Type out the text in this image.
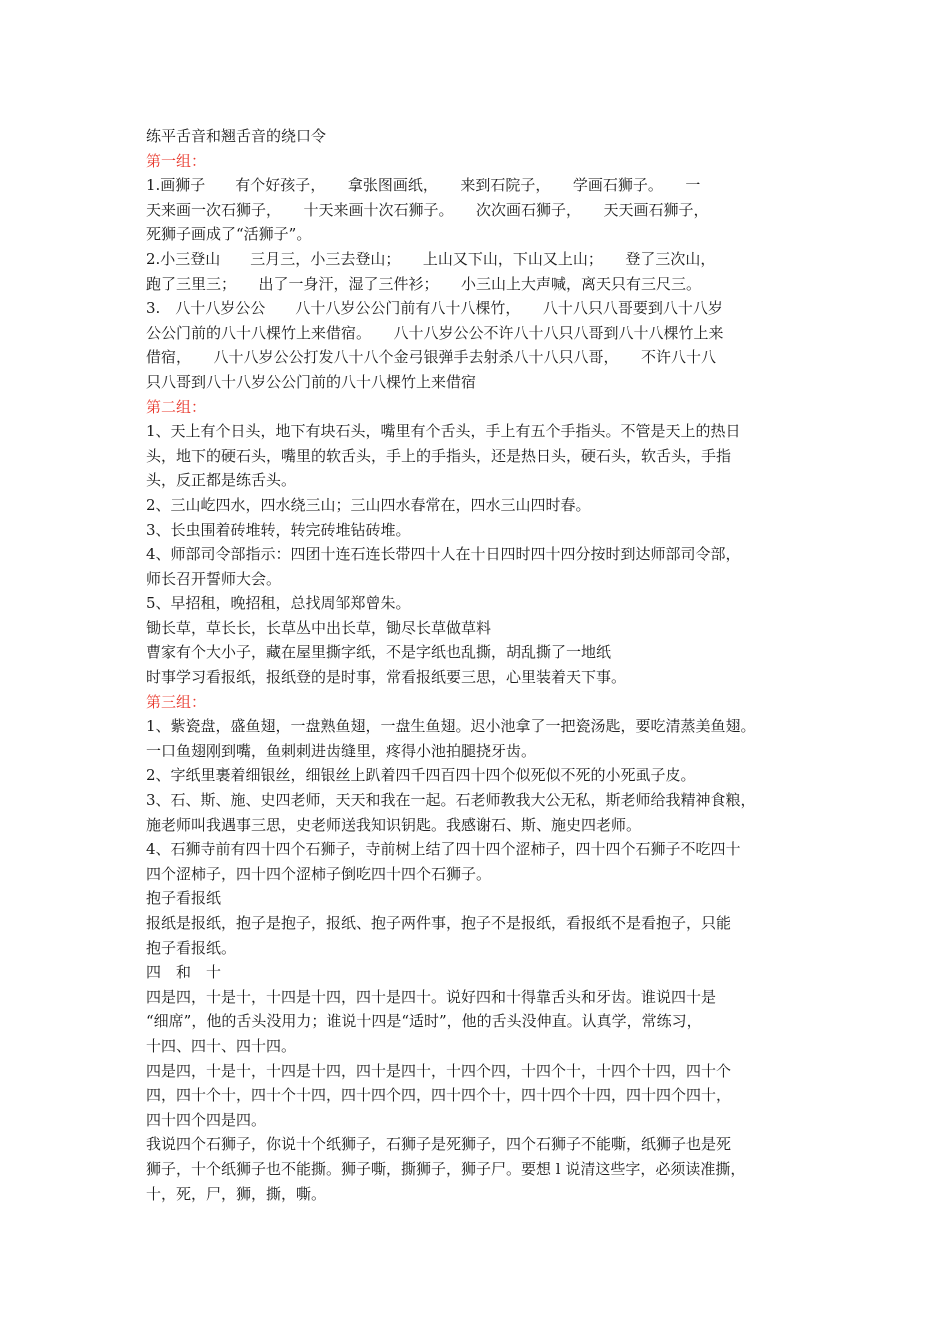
练平舌音和翘舌音的绕口令

第一组：

1.画狮子　　有个好孩子，　　拿张图画纸，　　来到石院子，　　学画石狮子。　　一

天来画一次石狮子，　　十天来画十次石狮子。　　次次画石狮子，　　天天画石狮子，

死狮子画成了“活狮子”。

2.小三登山　　三月三，小三去登山；　　上山又下山，下山又上山；　　登了三次山，

跑了三里三；　　出了一身汗，湿了三件衫；　　小三山上大声喊，离天只有三尺三。

3.　八十八岁公公　　八十八岁公公门前有八十八棵竹，　　八十八只八哥要到八十八岁

公公门前的八十八棵竹上来借宿。　　八十八岁公公不许八十八只八哥到八十八棵竹上来

借宿，　　八十八岁公公打发八十八个金弓银弹手去射杀八十八只八哥，　　不许八十八

只八哥到八十八岁公公门前的八十八棵竹上来借宿

第二组：

1、天上有个日头，地下有块石头，嘴里有个舌头，手上有五个手指头。不管是天上的热日

头，地下的硬石头，嘴里的软舌头，手上的手指头，还是热日头，硬石头，软舌头，手指

头，反正都是练舌头。

2、三山屹四水，四水绕三山；三山四水春常在，四水三山四时春。

3、长虫围着砖堆转，转完砖堆钻砖堆。

4、师部司令部指示：四团十连石连长带四十人在十日四时四十四分按时到达师部司令部，

师长召开誓师大会。

5、早招租，晚招租，总找周邹郑曾朱。

锄长草，草长长，长草丛中出长草，锄尽长草做草料

曹家有个大小子，藏在屋里撕字纸，不是字纸也乱撕，胡乱撕了一地纸

时事学习看报纸，报纸登的是时事，常看报纸要三思，心里装着天下事。

第三组：

1、紫瓷盘，盛鱼翅，一盘熟鱼翅，一盘生鱼翅。迟小池拿了一把瓷汤匙，要吃清蒸美鱼翅。

一口鱼翅刚到嘴，鱼刺刺进齿缝里，疼得小池拍腿挠牙齿。

2、字纸里裹着细银丝，细银丝上趴着四千四百四十四个似死似不死的小死虱子皮。

3、石、斯、施、史四老师，天天和我在一起。石老师教我大公无私，斯老师给我精神食粮，

施老师叫我遇事三思，史老师送我知识钥匙。我感谢石、斯、施史四老师。

4、石狮寺前有四十四个石狮子，寺前树上结了四十四个涩柿子，四十四个石狮子不吃四十

四个涩柿子，四十四个涩柿子倒吃四十四个石狮子。

抱子看报纸

报纸是报纸，抱子是抱子，报纸、抱子两件事，抱子不是报纸，看报纸不是看抱子，只能

抱子看报纸。

四　和　十

四是四，十是十，十四是十四，四十是四十。说好四和十得靠舌头和牙齿。谁说四十是

“细席”，他的舌头没用力；谁说十四是“适时”，他的舌头没伸直。认真学，常练习，

十四、四十、四十四。

四是四，十是十，十四是十四，四十是四十，十四个四，十四个十，十四个十四，四十个

四，四十个十，四十个十四，四十四个四，四十四个十，四十四个十四，四十四个四十，

四十四个四是四。

我说四个石狮子，你说十个纸狮子，石狮子是死狮子，四个石狮子不能嘶，纸狮子也是死

狮子，十个纸狮子也不能撕。狮子嘶，撕狮子，狮子尸。要想 l 说清这些字，必须读准撕，

十，死，尸，狮，撕，嘶。
